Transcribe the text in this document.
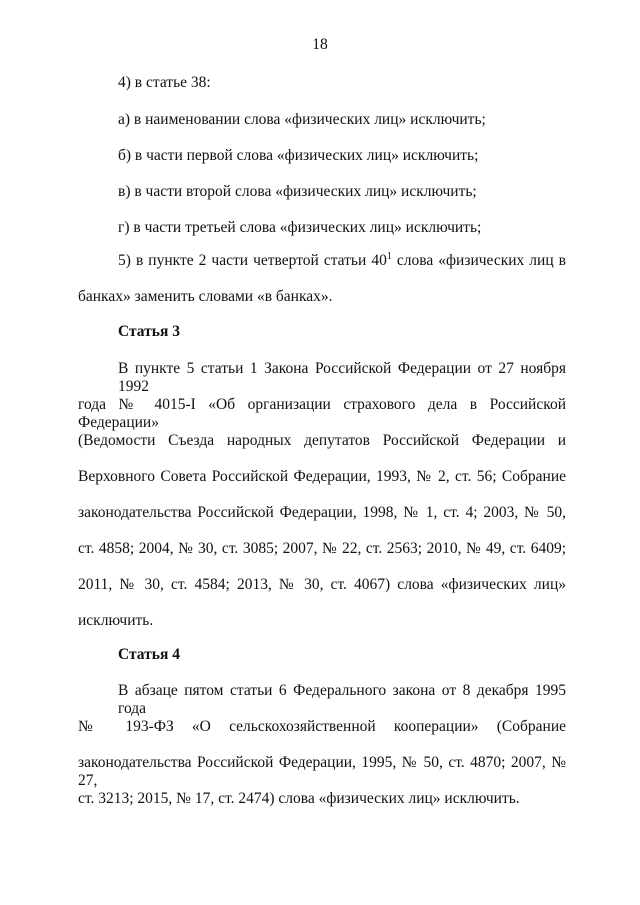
18
4) в статье 38:
а) в наименовании слова «физических лиц» исключить;
б) в части первой слова «физических лиц» исключить;
в) в части второй слова «физических лиц» исключить;
г) в части третьей слова «физических лиц» исключить;
5) в пункте 2 части четвертой статьи $40^1$ слова «физических лиц в
банках» заменить словами «в банках».
Статья 3
В пункте 5 статьи 1 Закона Российской Федерации от 27 ноября 1992
года № 4015-I «Об организации страхового дела в Российской Федерации»
(Ведомости Съезда народных депутатов Российской Федерации и
Верховного Совета Российской Федерации, 1993, № 2, ст. 56; Собрание
законодательства Российской Федерации, 1998, № 1, ст. 4; 2003, № 50,
ст. 4858; 2004, № 30, ст. 3085; 2007, № 22, ст. 2563; 2010, № 49, ст. 6409;
2011, № 30, ст. 4584; 2013, № 30, ст. 4067) слова «физических лиц»
исключить.
Статья 4
В абзаце пятом статьи 6 Федерального закона от 8 декабря 1995 года
№ 193-ФЗ «О сельскохозяйственной кооперации» (Собрание
законодательства Российской Федерации, 1995, № 50, ст. 4870; 2007, № 27,
ст. 3213; 2015, № 17, ст. 2474) слова «физических лиц» исключить.
